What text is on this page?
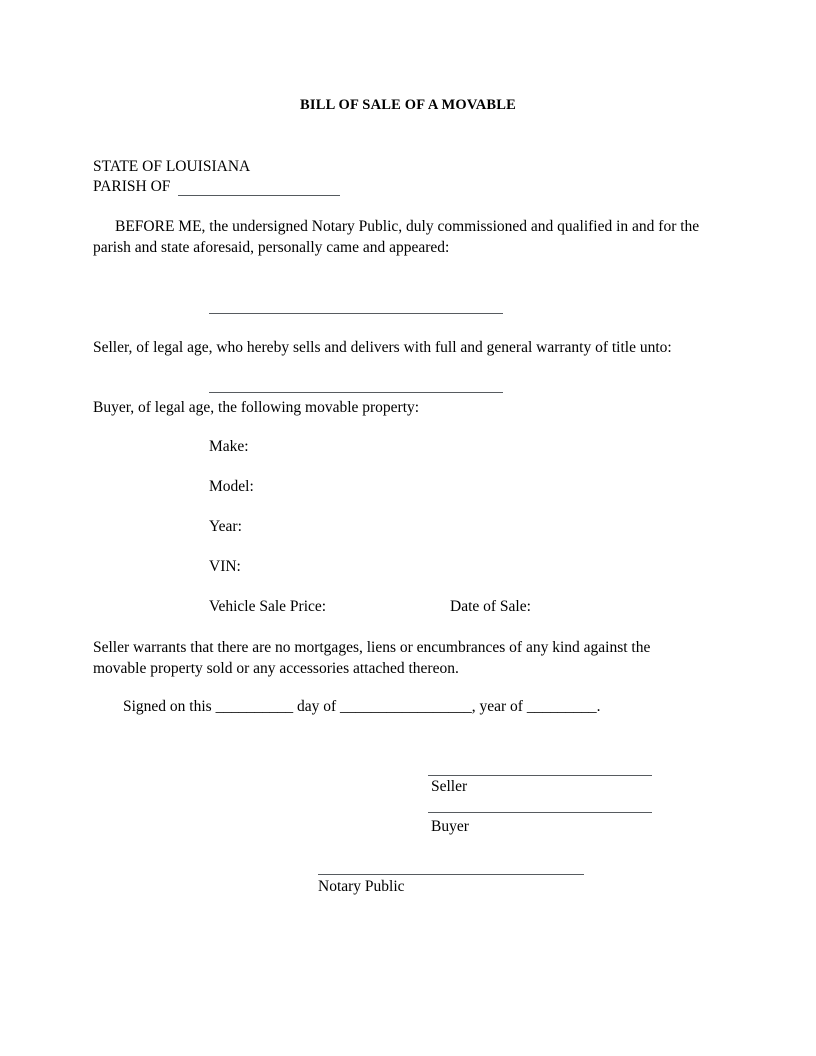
BILL OF SALE OF A MOVABLE
STATE OF LOUISIANA
PARISH OF
BEFORE ME, the undersigned Notary Public, duly commissioned and qualified in and for the parish and state aforesaid, personally came and appeared:
Seller, of legal age, who hereby sells and delivers with full and general warranty of title unto:
Buyer, of legal age, the following movable property:
Make:
Model:
Year:
VIN:
Vehicle Sale Price:	Date of Sale:
Seller warrants that there are no mortgages, liens or encumbrances of any kind against the movable property sold or any accessories attached thereon.
Signed on this __________ day of _________________, year of _________.
Seller
Buyer
Notary Public
